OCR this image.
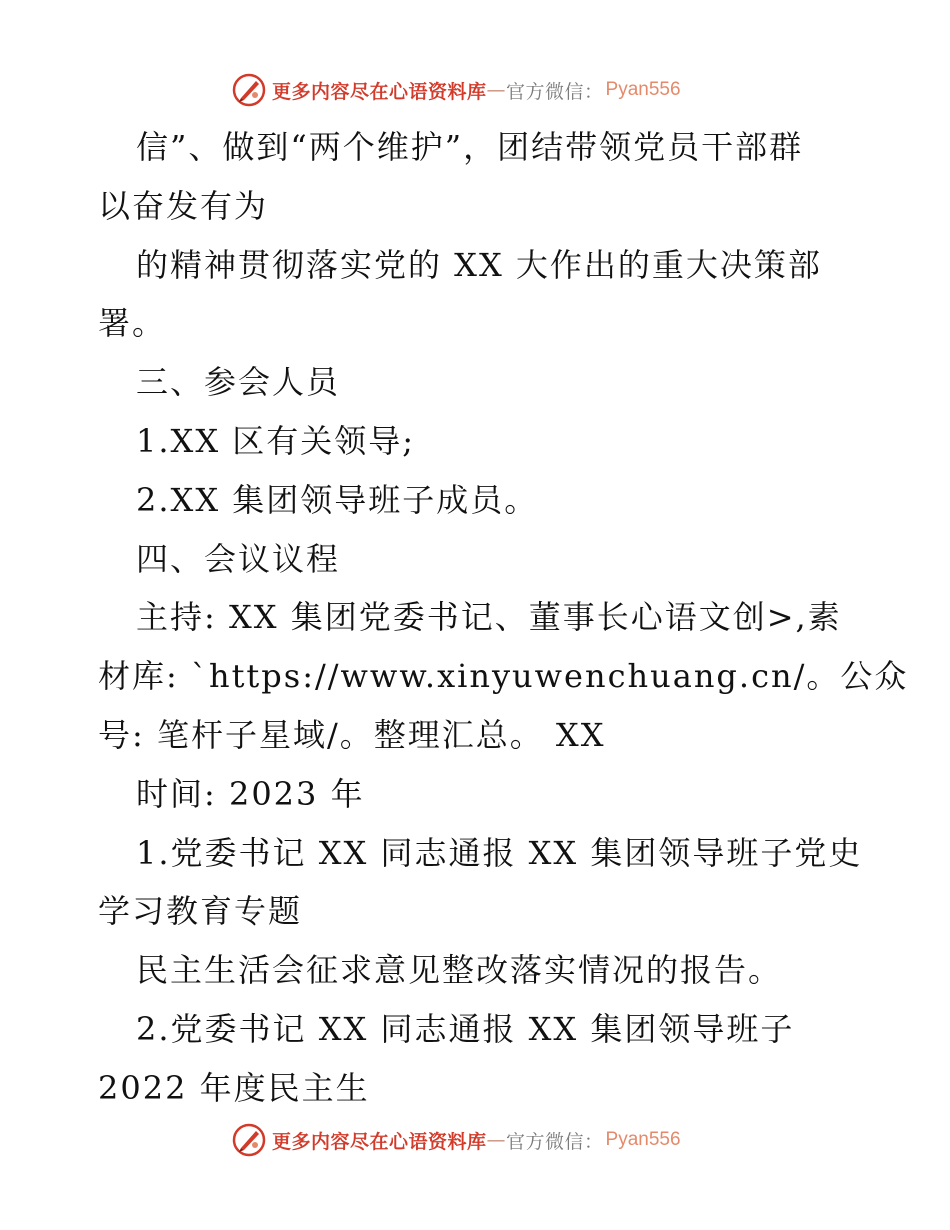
更多内容尽在心语资料库 — 官方微信： Pyan556
信”、做到“两个维护”，团结带领党员干部群
以奋发有为
的精神贯彻落实党的 XX 大作出的重大决策部
署。
三、参会人员
1.XX 区有关领导;
2.XX 集团领导班子成员。
四、会议议程
主持: XX 集团党委书记、董事长心语文创>,素
材库: `https://www.xinyuwenchuang.cn/。公众
号: 笔杆子星域/。整理汇总。 XX
时间: 2023 年
1.党委书记 XX 同志通报 XX 集团领导班子党史
学习教育专题
民主生活会征求意见整改落实情况的报告。
2.党委书记 XX 同志通报 XX 集团领导班子
2022 年度民主生
更多内容尽在心语资料库 — 官方微信： Pyan556
